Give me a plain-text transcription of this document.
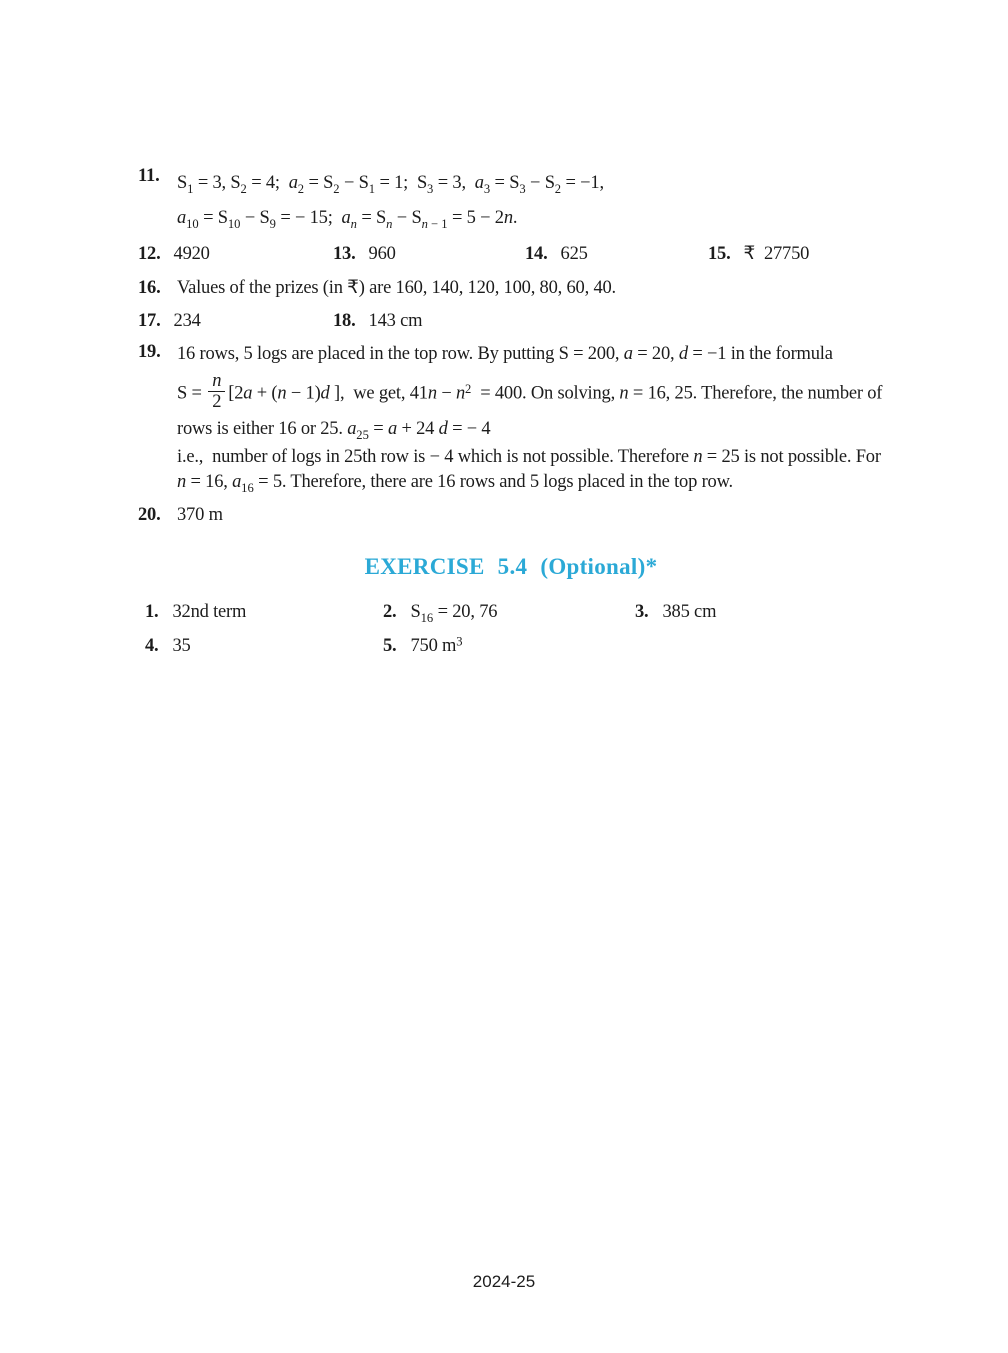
11. $S_1 = 3$, $S_2 = 4$;  $a_2 = S_2 - S_1 = 1$;  $S_3 = 3$,  $a_3 = S_3 - S_2 = -1$,
$a_{10} = S_{10} - S_9$ = − 15;  $a_n = S_n - S_{n - 1} = 5 - 2n$.
12. 4920	13. 960	14. 625	15. ₹  27750
16. Values of the prizes (in ₹) are 160, 140, 120, 100, 80, 60, 40.
17. 234	18. 143 cm
19. 16 rows, 5 logs are placed in the top row. By putting S = 200, a = 20, d = −1 in the formula

$S = \frac{n}{2} [2a + (n - 1)d$ ],  we get, $41n - n^2 = 400$. On solving, n = 16, 25. Therefore, the number of rows is either 16 or 25. $a_{25} = a + 24$ d = − 4

i.e.,  number of logs in 25th row is − 4 which is not possible. Therefore n = 25 is not possible. For n = 16, $a_{16} = 5$. Therefore, there are 16 rows and 5 logs placed in the top row.

20. 370 m
EXERCISE 5.4 (Optional)*
1. 32nd term	2. $S_{16} = 20$, 76	3. 385 cm
4. 35	5. 750 $m^3$
2024-25
